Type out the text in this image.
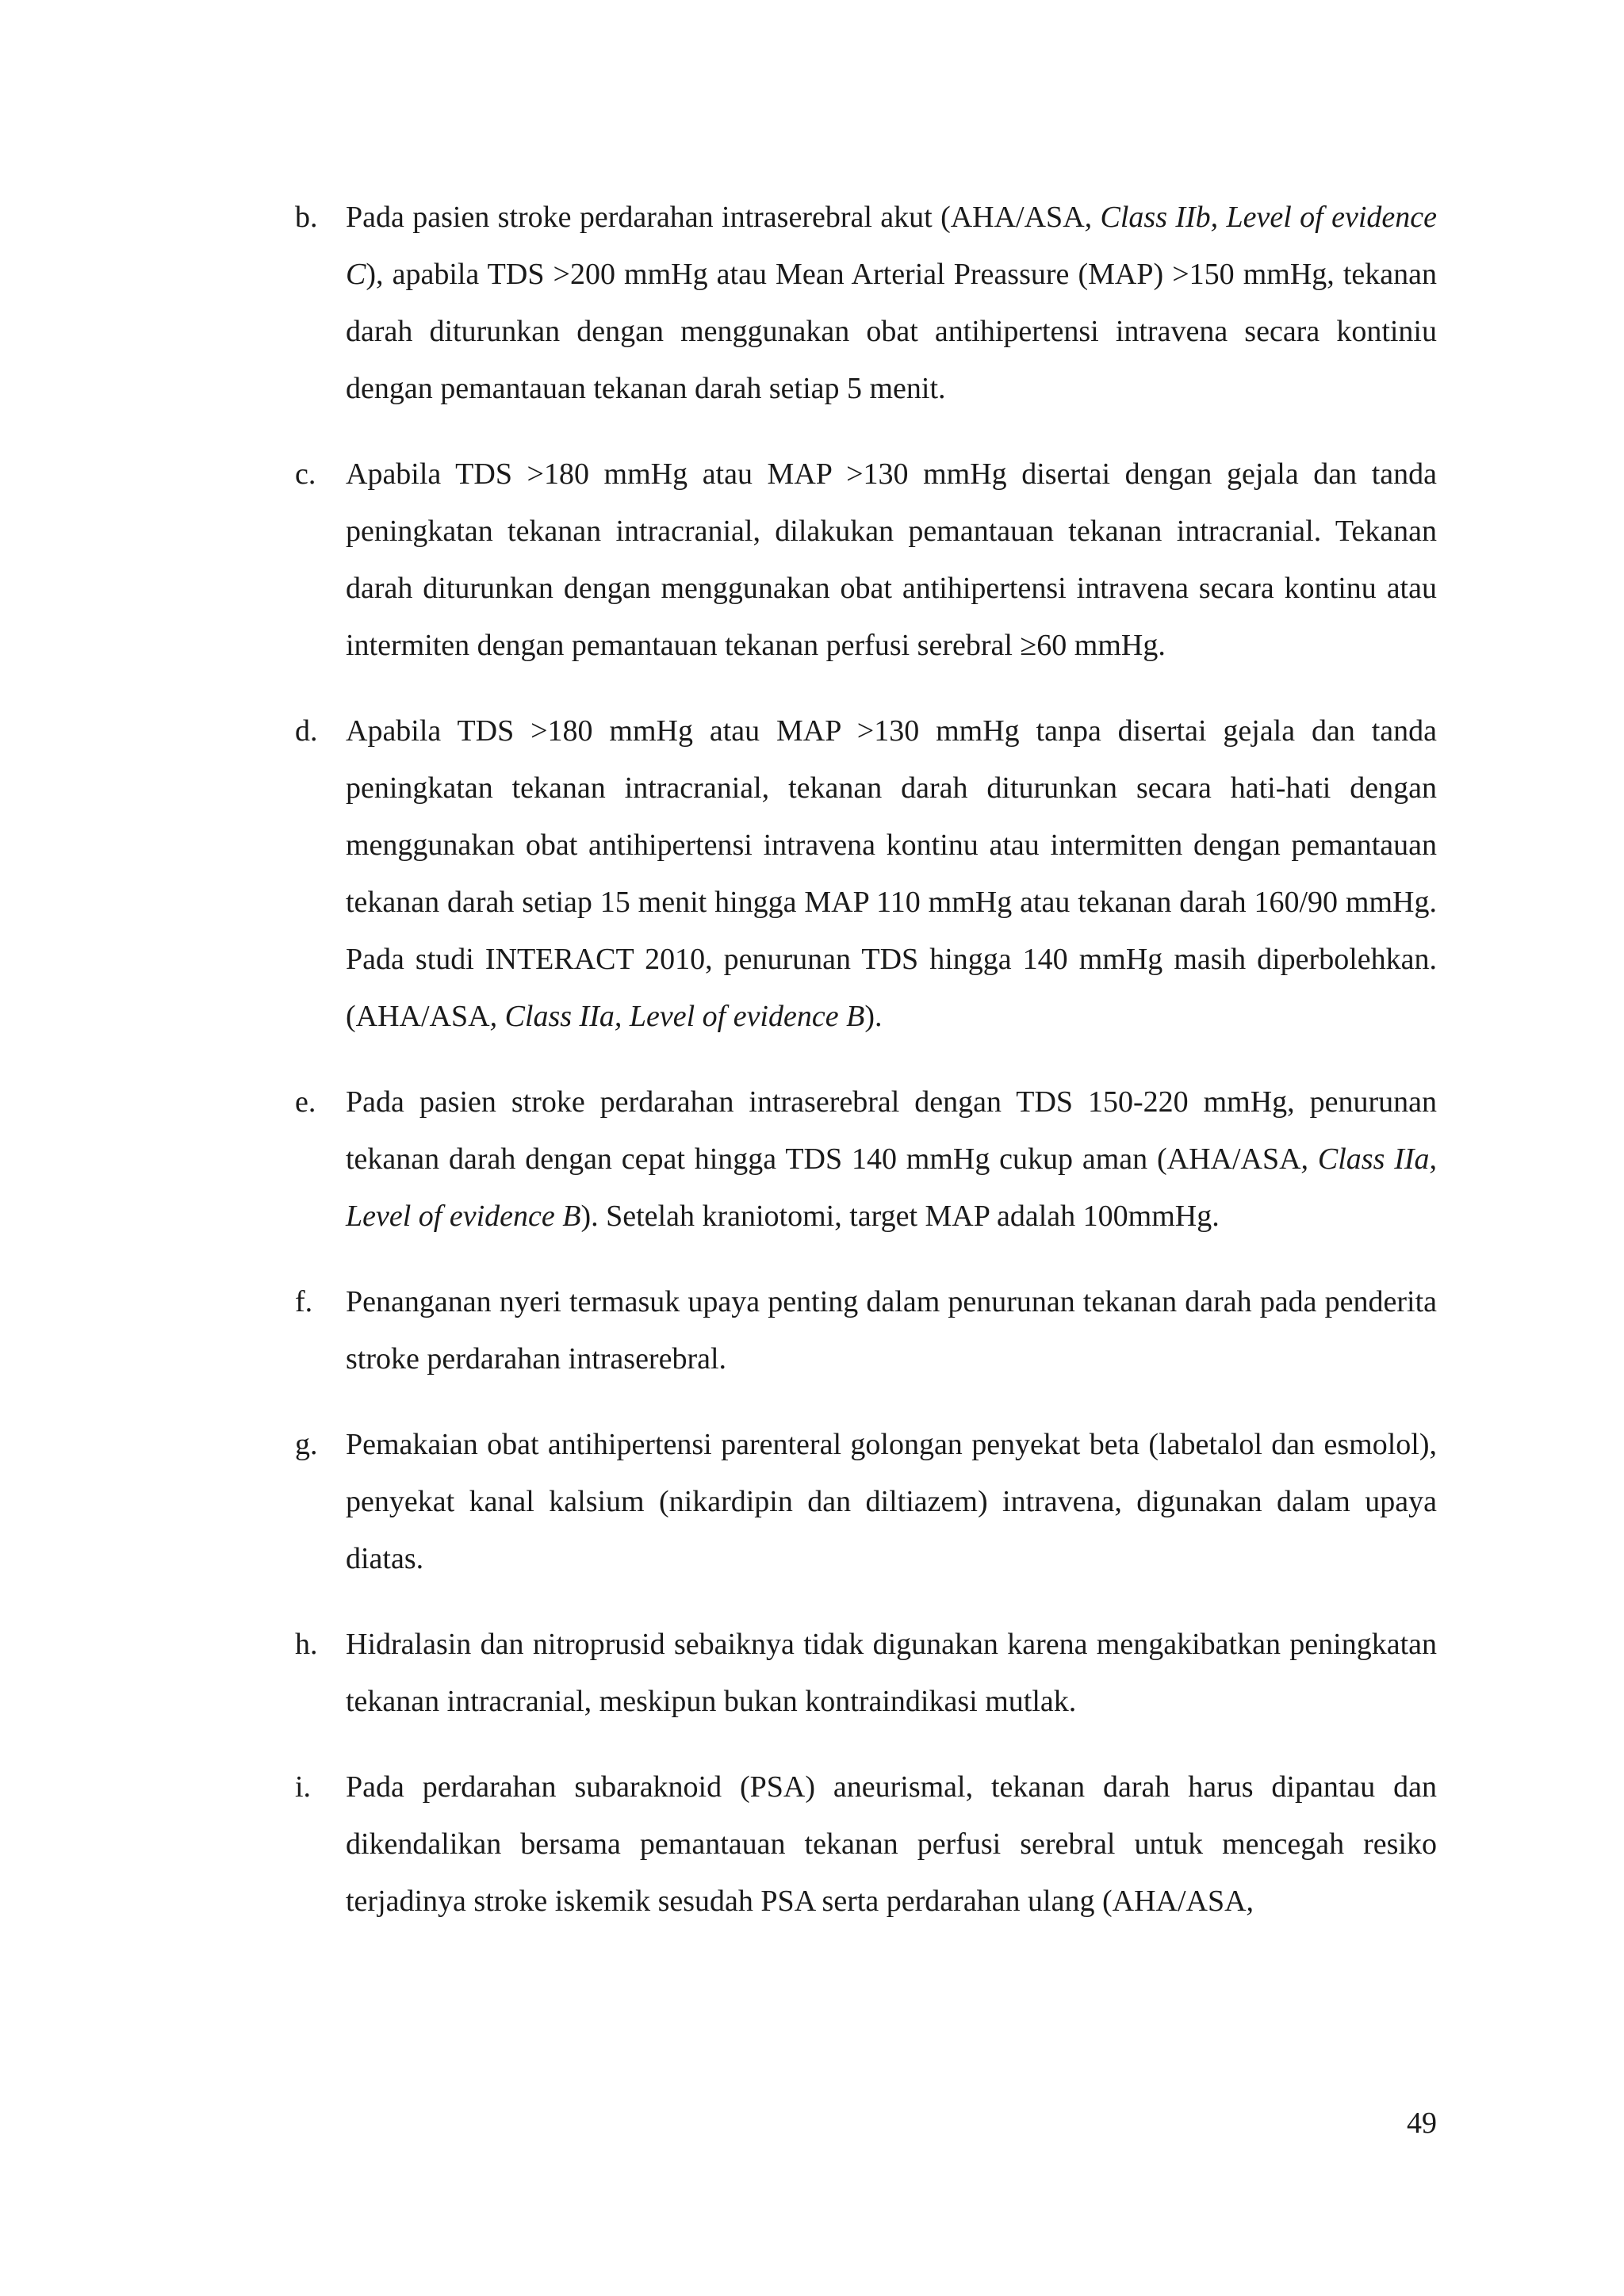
b. Pada pasien stroke perdarahan intraserebral akut (AHA/ASA, Class IIb, Level of evidence C), apabila TDS >200 mmHg atau Mean Arterial Preassure (MAP) >150 mmHg, tekanan darah diturunkan dengan menggunakan obat antihipertensi intravena secara kontiniu dengan pemantauan tekanan darah setiap 5 menit.
c. Apabila TDS >180 mmHg atau MAP >130 mmHg disertai dengan gejala dan tanda peningkatan tekanan intracranial, dilakukan pemantauan tekanan intracranial. Tekanan darah diturunkan dengan menggunakan obat antihipertensi intravena secara kontinu atau intermiten dengan pemantauan tekanan perfusi serebral ≥60 mmHg.
d. Apabila TDS >180 mmHg atau MAP >130 mmHg tanpa disertai gejala dan tanda peningkatan tekanan intracranial, tekanan darah diturunkan secara hati-hati dengan menggunakan obat antihipertensi intravena kontinu atau intermitten dengan pemantauan tekanan darah setiap 15 menit hingga MAP 110 mmHg atau tekanan darah 160/90 mmHg. Pada studi INTERACT 2010, penurunan TDS hingga 140 mmHg masih diperbolehkan. (AHA/ASA, Class IIa, Level of evidence B).
e. Pada pasien stroke perdarahan intraserebral dengan TDS 150-220 mmHg, penurunan tekanan darah dengan cepat hingga TDS 140 mmHg cukup aman (AHA/ASA, Class IIa, Level of evidence B). Setelah kraniotomi, target MAP adalah 100mmHg.
f.	Penanganan nyeri termasuk upaya penting dalam penurunan tekanan darah pada penderita stroke perdarahan intraserebral.
g. Pemakaian obat antihipertensi parenteral golongan penyekat beta (labetalol dan esmolol), penyekat kanal kalsium (nikardipin dan diltiazem) intravena, digunakan dalam upaya diatas.
h. Hidralasin dan nitroprusid sebaiknya tidak digunakan karena mengakibatkan peningkatan tekanan intracranial, meskipun bukan kontraindikasi mutlak.
i.	Pada perdarahan subaraknoid (PSA) aneurismal, tekanan darah harus dipantau dan dikendalikan bersama pemantauan tekanan perfusi serebral untuk mencegah resiko terjadinya stroke iskemik sesudah PSA serta perdarahan ulang (AHA/ASA,
49
